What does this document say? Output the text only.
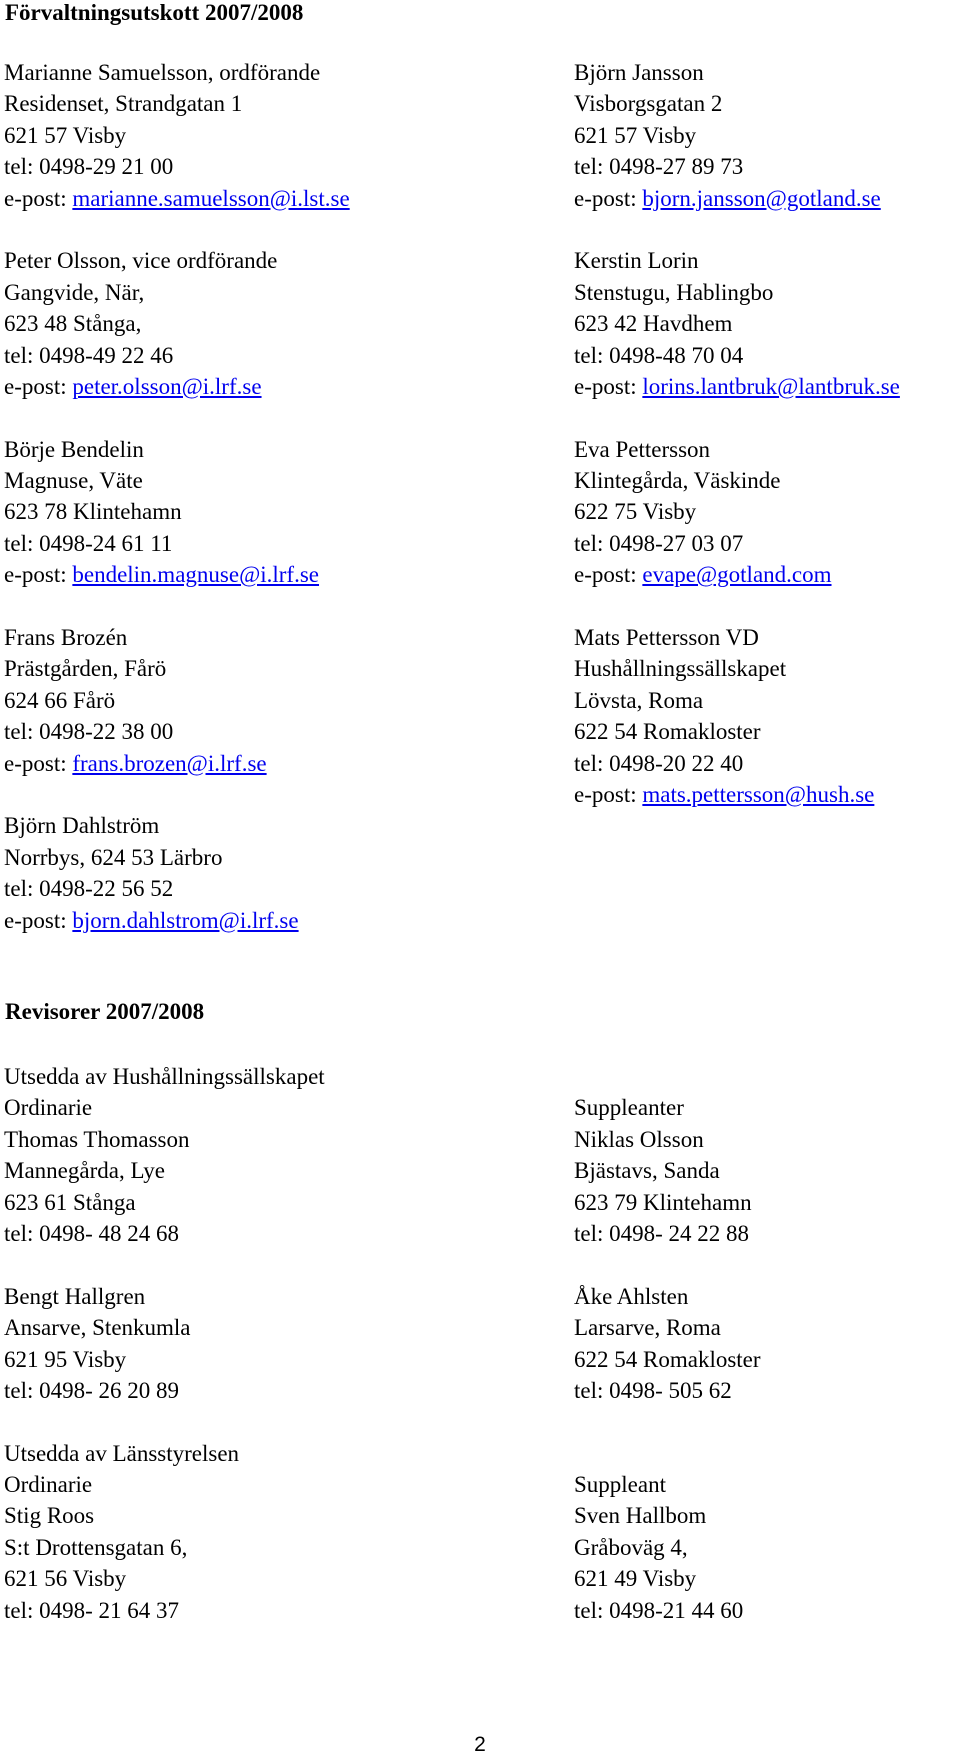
Förvaltningsutskott 2007/2008
Marianne Samuelsson, ordförande
Residenset, Strandgatan 1
621 57 Visby
tel: 0498-29 21 00
e-post: marianne.samuelsson@i.lst.se
Peter Olsson, vice ordförande
Gangvide, När,
623 48 Stånga,
tel: 0498-49 22 46
e-post: peter.olsson@i.lrf.se
Börje Bendelin
Magnuse, Väte
623 78 Klintehamn
tel: 0498-24 61 11
e-post: bendelin.magnuse@i.lrf.se
Frans Brozén
Prästgården, Fårö
624 66 Fårö
tel: 0498-22 38 00
e-post: frans.brozen@i.lrf.se
Björn Dahlström
Norrbys, 624 53 Lärbro
tel: 0498-22 56 52
e-post: bjorn.dahlstrom@i.lrf.se
Björn Jansson
Visborgsgatan 2
621 57 Visby
tel: 0498-27 89 73
e-post: bjorn.jansson@gotland.se
Kerstin Lorin
Stenstugu, Hablingbo
623 42 Havdhem
tel: 0498-48 70 04
e-post: lorins.lantbruk@lantbruk.se
Eva Pettersson
Klintegårda, Väskinde
622 75 Visby
tel: 0498-27 03 07
e-post: evape@gotland.com
Mats Pettersson VD
Hushållningssällskapet
Lövsta, Roma
622 54 Romakloster
tel: 0498-20 22 40
e-post: mats.pettersson@hush.se
Revisorer 2007/2008
Utsedda av Hushållningssällskapet
Ordinarie
Thomas Thomasson
Mannegårda, Lye
623 61 Stånga
tel: 0498- 48 24 68
Bengt Hallgren
Ansarve, Stenkumla
621 95 Visby
tel: 0498- 26 20 89
Utsedda av Länsstyrelsen
Ordinarie
Stig Roos
S:t Drottensgatan 6,
621 56 Visby
tel: 0498- 21 64 37
Suppleanter
Niklas Olsson
Bjästavs, Sanda
623 79 Klintehamn
tel: 0498- 24 22 88
Åke Ahlsten
Larsarve, Roma
622 54 Romakloster
tel: 0498- 505 62
Suppleant
Sven Hallbom
Gråboväg 4,
621 49 Visby
tel: 0498-21 44 60
2
